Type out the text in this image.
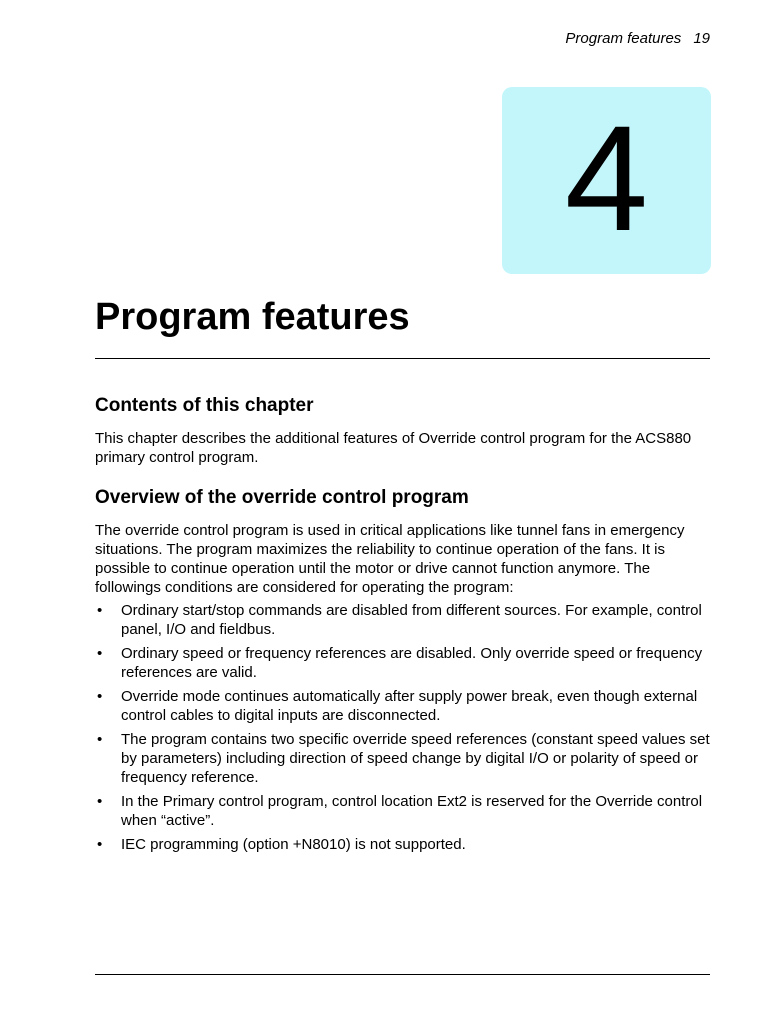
Program features 19
4
Program features
Contents of this chapter

This chapter describes the additional features of Override control program for the ACS880 primary control program.

Overview of the override control program

The override control program is used in critical applications like tunnel fans in emergency situations. The program maximizes the reliability to continue operation of the fans. It is possible to continue operation until the motor or drive cannot function anymore. The followings conditions are considered for operating the program:

• Ordinary start/stop commands are disabled from different sources. For example, control panel, I/O and fieldbus.
• Ordinary speed or frequency references are disabled. Only override speed or frequency references are valid.
• Override mode continues automatically after supply power break, even though external control cables to digital inputs are disconnected.
• The program contains two specific override speed references (constant speed values set by parameters) including direction of speed change by digital I/O or polarity of speed or frequency reference.
• In the Primary control program, control location Ext2 is reserved for the Override control when “active”.
• IEC programming (option +N8010) is not supported.
